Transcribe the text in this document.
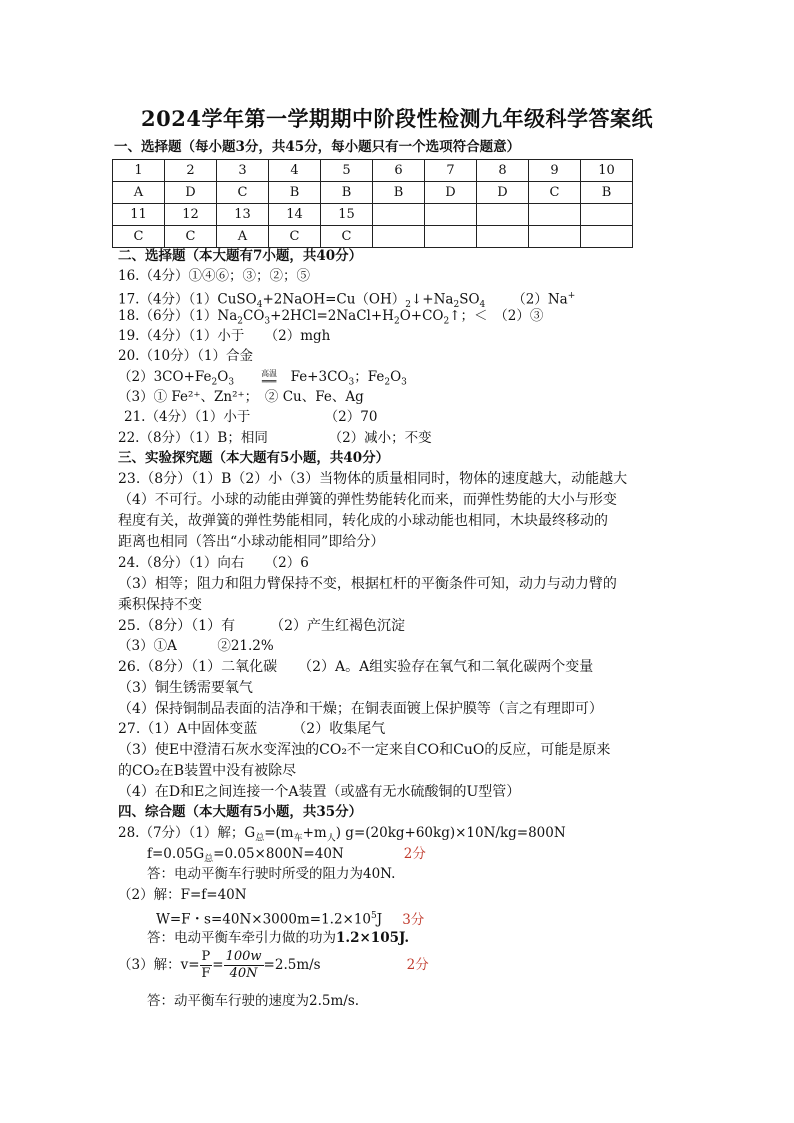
2024学年第一学期期中阶段性检测九年级科学答案纸
一、选择题（每小题3分，共45分，每小题只有一个选项符合题意）
1	2	3	4	5	6	7	8	9	10
A	D	C	B	B	B	D	D	C	B
11	12	13	14	15					
C	C	A	C	C					
二、选择题（本大题有7小题，共40分）
16.（4分）①④⑥；③；②；⑤
17.（4分）$(1)CuSO_4+2NaOH=Cu(OH)_2↓+Na_2SO_4$   （2）Na+
18.（6分）$(1)Na_2CO_3+2HCl=2NaCl+H_2O+CO_2↑$；＜　（2）③
19.（4分）（1）小于　　（2）mgh
20.（10分）（1）合金
$(2)3CO+Fe_2O_3$  高温
═══  $Fe+3CO_3$；$Fe_2O_3$
（3）① Fe²⁺、Zn²⁺；　② Cu、Fe、Ag
21.（4分）（1）小于　　　　　　（2）70
22.（8分）（1）B；相同　　　　　（2）减小；不变
三、实验探究题（本大题有5小题，共40分）
23.（8分）（1）B（2）小（3）当物体的质量相同时，物体的速度越大，动能越大
（4）不可行。小球的动能由弹簧的弹性势能转化而来，而弹性势能的大小与形变
程度有关，故弹簧的弹性势能相同，转化成的小球动能也相同，木块最终移动的
距离也相同（答出“小球动能相同”即给分）
24.（8分）（1）向右　　（2）6
（3）相等；阻力和阻力臂保持不变，根据杠杆的平衡条件可知，动力与动力臂的
乘积保持不变
25.（8分）（1）有　　　（2）产生红褐色沉淀
（3）①A　　　②21.2%
26.（8分）（1）二氧化碳　　（2）A。A组实验存在氧气和二氧化碳两个变量
（3）铜生锈需要氧气
（4）保持铜制品表面的洁净和干燥；在铜表面镀上保护膜等（言之有理即可）
27.（1）A中固体变蓝　　　（2）收集尾气
（3）使E中澄清石灰水变浑浊的CO₂不一定来自CO和CuO的反应，可能是原来
的CO₂在B装置中没有被除尽
（4）在D和E之间连接一个A装置（或盛有无水硫酸铜的U型管）
四、综合题（本大题有5小题，共35分）
28.（7分）（1）解；$G_总=(m_车+m_人)$ g=(20kg+60kg)×10N/kg=800N
$f=0.05G_总=0.05\times 800N=40N$	2分
答：电动平衡车行驶时所受的阻力为40N.
（2）解：F=f=40N
W=F・$s=40N\times 3000m=1.2\times 10^5J$ 3分
答：电动平衡车牵引力做的功为1.2×105J.
（3）解：$v= \frac{P}{F} = \frac{100w}{40N} =2.5m/s$	2分
答：动平衡车行驶的速度为2.5m/s.
